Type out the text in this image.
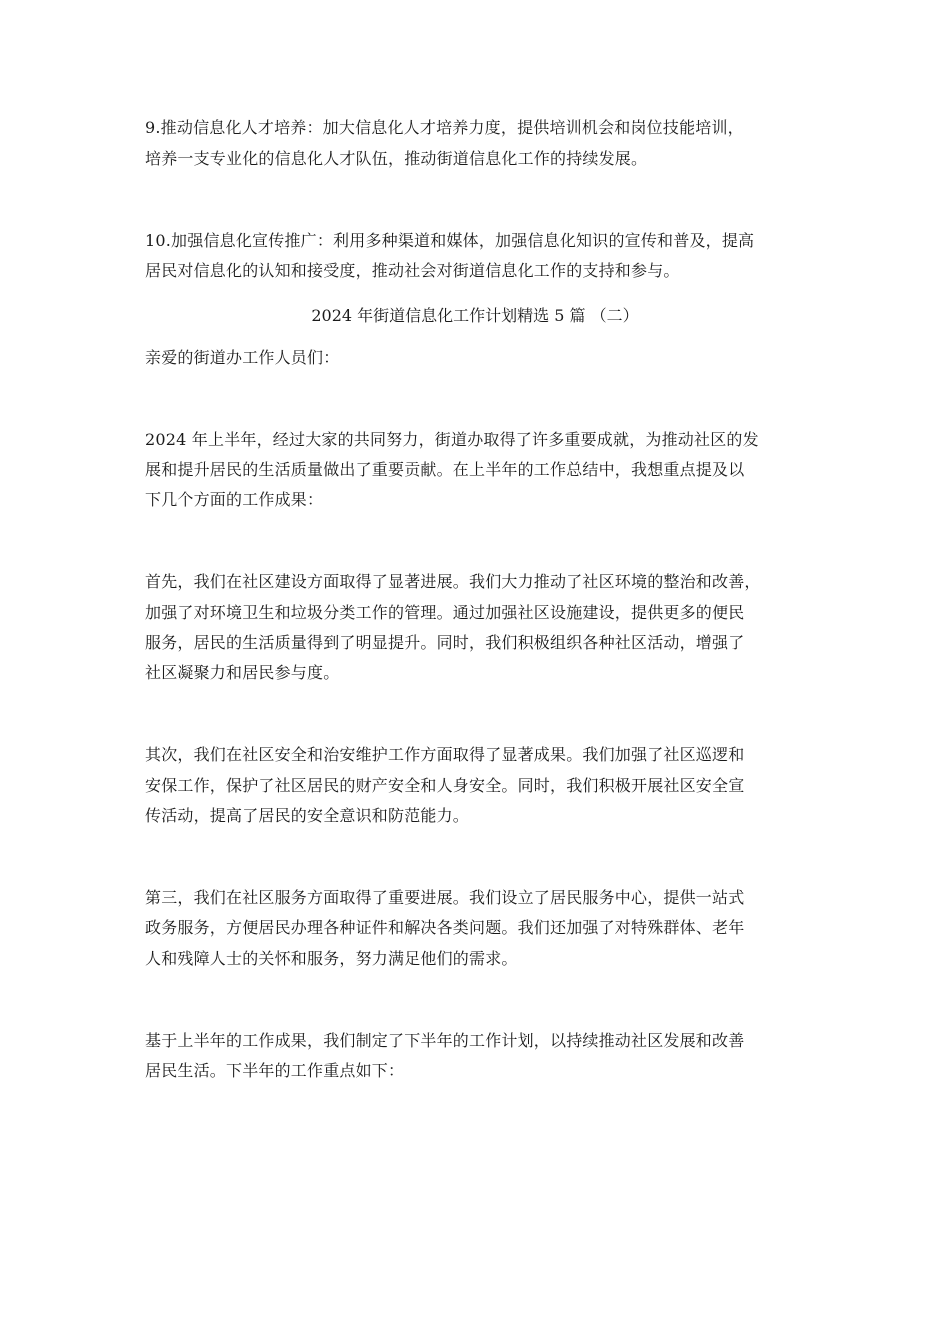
9.推动信息化人才培养：加大信息化人才培养力度，提供培训机会和岗位技能培训，
培养一支专业化的信息化人才队伍，推动街道信息化工作的持续发展。
10.加强信息化宣传推广：利用多种渠道和媒体，加强信息化知识的宣传和普及，提高
居民对信息化的认知和接受度，推动社会对街道信息化工作的支持和参与。
2024 年街道信息化工作计划精选 5 篇 （二）
亲爱的街道办工作人员们：
2024 年上半年，经过大家的共同努力，街道办取得了许多重要成就，为推动社区的发
展和提升居民的生活质量做出了重要贡献。在上半年的工作总结中，我想重点提及以
下几个方面的工作成果：
首先，我们在社区建设方面取得了显著进展。我们大力推动了社区环境的整治和改善，
加强了对环境卫生和垃圾分类工作的管理。通过加强社区设施建设，提供更多的便民
服务，居民的生活质量得到了明显提升。同时，我们积极组织各种社区活动，增强了
社区凝聚力和居民参与度。
其次，我们在社区安全和治安维护工作方面取得了显著成果。我们加强了社区巡逻和
安保工作，保护了社区居民的财产安全和人身安全。同时，我们积极开展社区安全宣
传活动，提高了居民的安全意识和防范能力。
第三，我们在社区服务方面取得了重要进展。我们设立了居民服务中心，提供一站式
政务服务，方便居民办理各种证件和解决各类问题。我们还加强了对特殊群体、老年
人和残障人士的关怀和服务，努力满足他们的需求。
基于上半年的工作成果，我们制定了下半年的工作计划，以持续推动社区发展和改善
居民生活。下半年的工作重点如下：
